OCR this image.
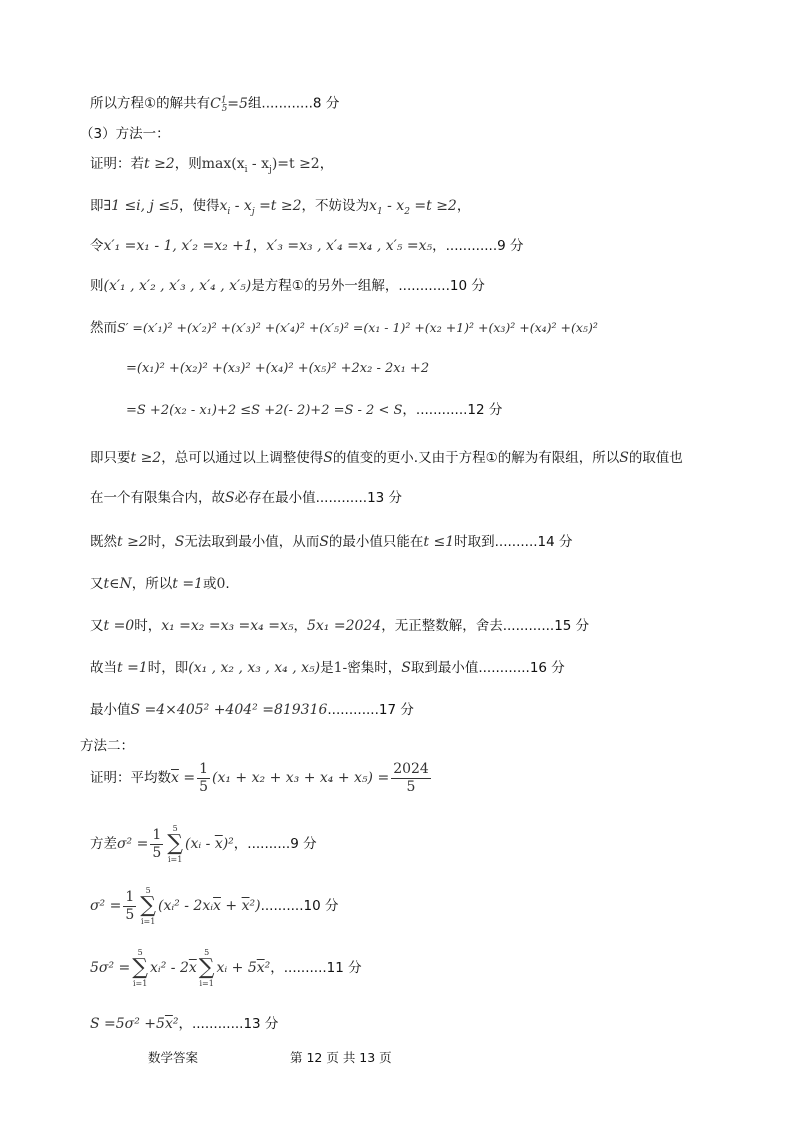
所以方程①的解共有$C^1_5=5$组............8 分
（3）方法一：
证明：若t ≥2，则$\max(x_i - x_j)=t \ge 2$，
即∃1 ≤i, j ≤5，使得$x_i - x_j =t \ge 2$，不妨设为$x_1 - x_2 =t \ge 2$，
令x′₁ =x₁ - 1, x′₂ =x₂ +1，x′₃ =x₃ , x′₄ =x₄ , x′₅ =x₅，............9 分
则(x′₁ , x′₂ , x′₃ , x′₄ , x′₅)是方程①的另外一组解，............10 分
然而S′ =(x′₁)² +(x′₂)² +(x′₃)² +(x′₄)² +(x′₅)² =(x₁ - 1)² +(x₂ +1)² +(x₃)² +(x₄)² +(x₅)²
=(x₁)² +(x₂)² +(x₃)² +(x₄)² +(x₅)² +2x₂ - 2x₁ +2
=S +2(x₂ - x₁)+2 ≤S +2(- 2)+2 =S - 2 < S，............12 分
即只要t ≥2，总可以通过以上调整使得S的值变的更小.又由于方程①的解为有限组，所以S的取值也
在一个有限集合内，故S必存在最小值............13 分
既然t ≥2时，S无法取到最小值，从而S的最小值只能在t ≤1时取到..........14 分
又t∈N，所以t =1或0.
又t =0时，x₁ =x₂ =x₃ =x₄ =x₅，5x₁ =2024，无正整数解，舍去............15 分
故当t =1时，即(x₁ , x₂ , x₃ , x₄ , x₅)是1-密集时，S取到最小值............16 分
最小值S =4×405² +404² =819316............17 分
方法二：
证明：平均数$\overline{x} = \frac{1}{5} (x_1 + x_2 + x_3 + x_4 + x_5) = \frac{2024}{5}$
方差$\sigma^2 = \frac{1}{5}$	5
∑
i=1
(xᵢ - $\overline{x})^2$，..........9 分
$\sigma^2 = \frac{1}{5}$	5
∑
i=1
(xᵢ² - $2xᵢ\overline{x} + \overline{x}^2)..........10$ 分
5σ² =
5
∑
i=1
xᵢ² - $2\overline{x}$
5
∑
i=1
xᵢ + $5\overline{x}^2$，..........11 分
$S =5\sigma^2 +5\overline{x}^2$，............13 分
数学答案	第 12 页 共 13 页
